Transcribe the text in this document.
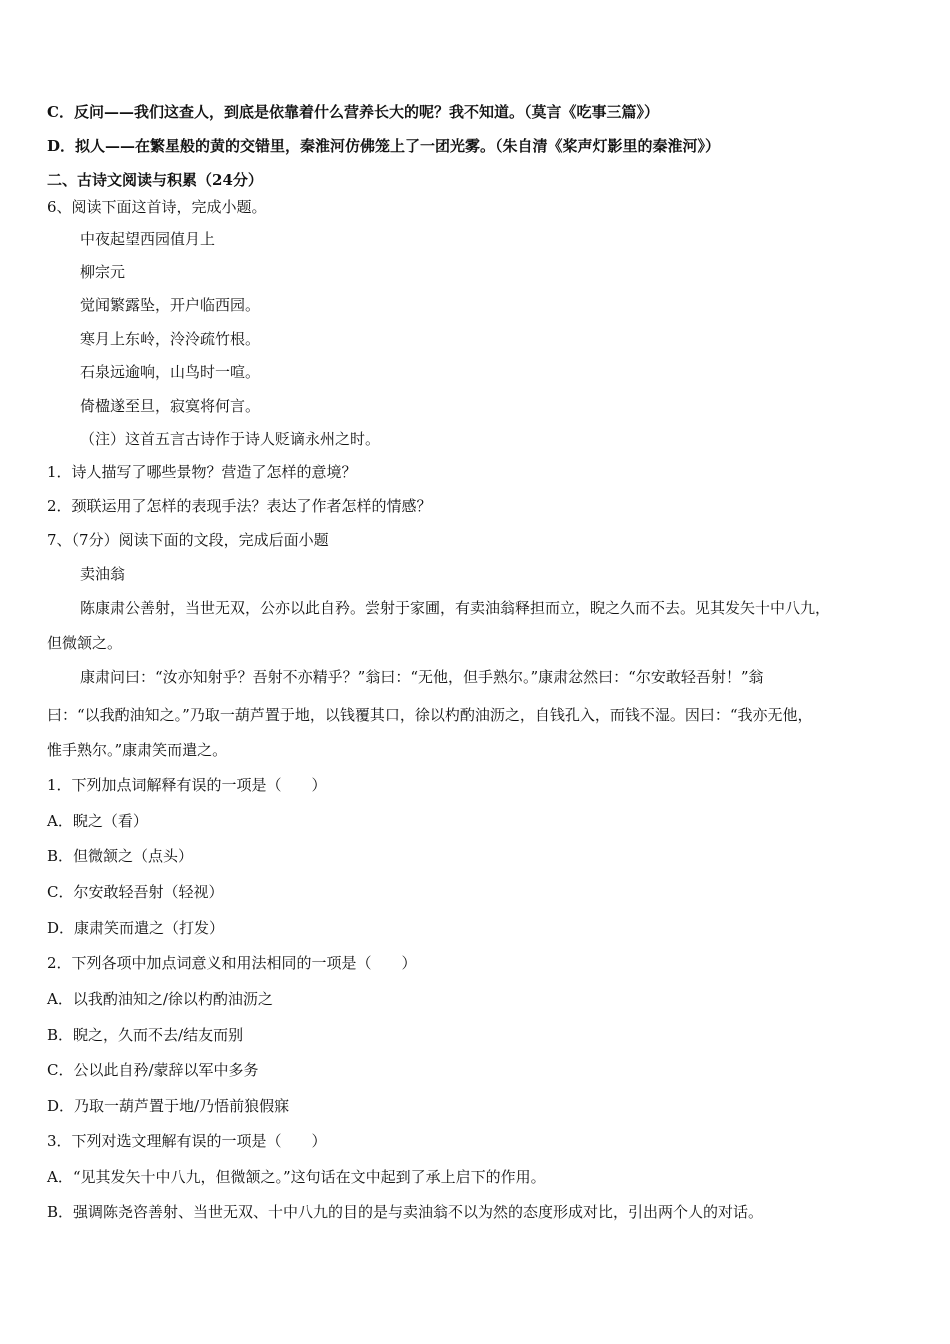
C．反问——我们这查人，到底是依靠着什么营养长大的呢？我不知道。（莫言《吃事三篇》）
D．拟人——在繁星般的黄的交错里，秦淮河仿佛笼上了一团光雾。（朱自清《桨声灯影里的秦淮河》）
二、古诗文阅读与积累（24分）
6、阅读下面这首诗，完成小题。
中夜起望西园值月上
柳宗元
觉闻繁露坠，开户临西园。
寒月上东岭，泠泠疏竹根。
石泉远逾响，山鸟时一喧。
倚楹遂至旦，寂寞将何言。
（注）这首五言古诗作于诗人贬谪永州之时。
1．诗人描写了哪些景物？营造了怎样的意境？
2．颈联运用了怎样的表现手法？表达了作者怎样的情感？
7、（7分）阅读下面的文段，完成后面小题
卖油翁
陈康肃公善射，当世无双，公亦以此自矜。尝射于家圃，有卖油翁释担而立，睨之久而不去。见其发矢十中八九，
但微颔之。
康肃问曰：“汝亦知射乎？吾射不亦精乎？”翁曰：“无他，但手熟尔。”康肃忿然曰：“尔安敢轻吾射！”翁
曰：“以我酌油知之。”乃取一葫芦置于地，以钱覆其口，徐以杓酌油沥之，自钱孔入，而钱不湿。因曰：“我亦无他，
惟手熟尔。”康肃笑而遣之。
1．下列加点词解释有误的一项是（　　）
A．睨之（看）
B．但微颔之（点头）
C．尔安敢轻吾射（轻视）
D．康肃笑而遣之（打发）
2．下列各项中加点词意义和用法相同的一项是（　　）
A．以我酌油知之/徐以杓酌油沥之
B．睨之，久而不去/结友而别
C．公以此自矜/蒙辞以军中多务
D．乃取一葫芦置于地/乃悟前狼假寐
3．下列对选文理解有误的一项是（　　）
A．“见其发矢十中八九，但微颔之。”这句话在文中起到了承上启下的作用。
B．强调陈尧咨善射、当世无双、十中八九的目的是与卖油翁不以为然的态度形成对比，引出两个人的对话。
